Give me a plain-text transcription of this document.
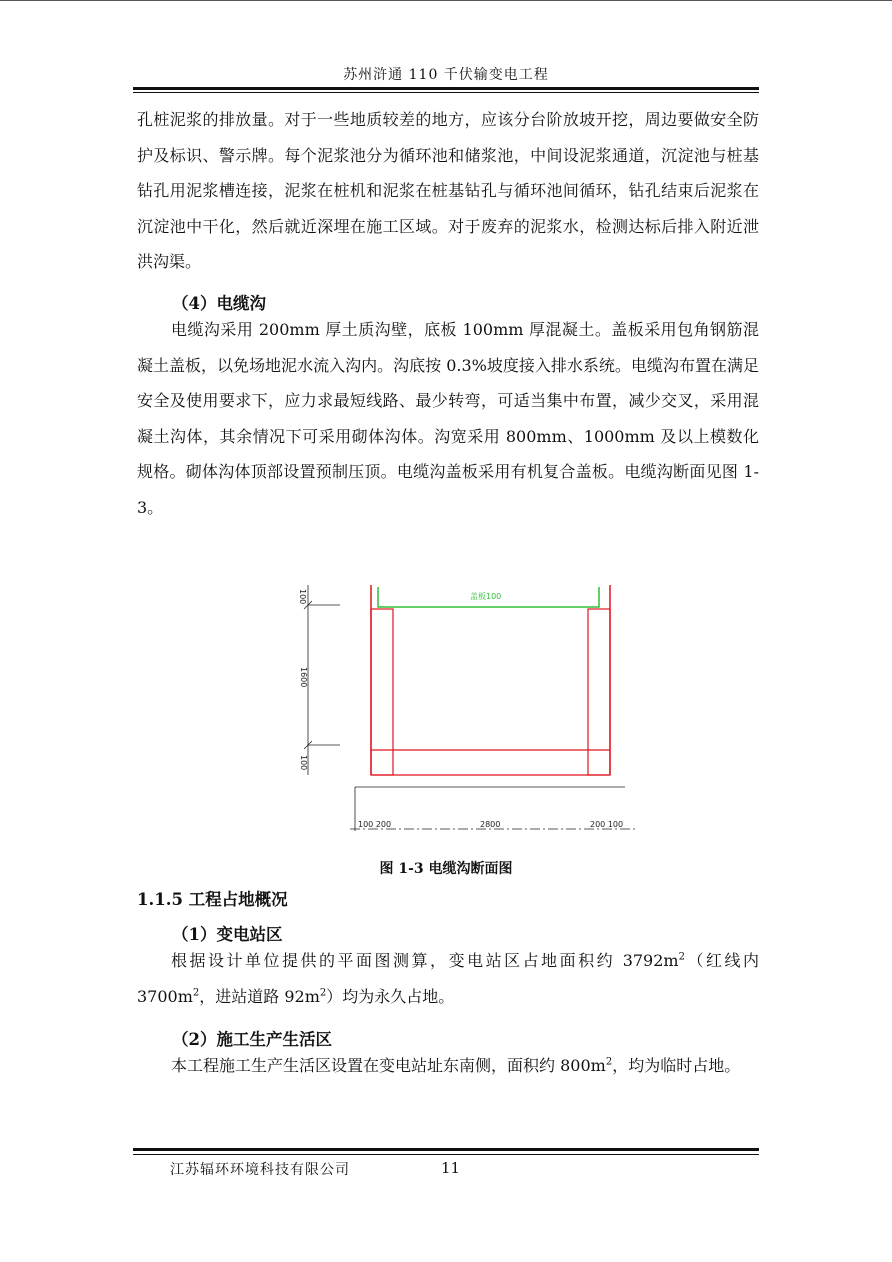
苏州浒通 110 千伏输变电工程

孔桩泥浆的排放量。对于一些地质较差的地方，应该分台阶放坡开挖，周边要做安全防护及标识、警示牌。每个泥浆池分为循环池和储浆池，中间设泥浆通道，沉淀池与桩基钻孔用泥浆槽连接，泥浆在桩机和泥浆在桩基钻孔与循环池间循环，钻孔结束后泥浆在沉淀池中干化，然后就近深埋在施工区域。对于废弃的泥浆水，检测达标后排入附近泄洪沟渠。

（4）电缆沟

电缆沟采用 200mm 厚土质沟壁，底板 100mm 厚混凝土。盖板采用包角钢筋混凝土盖板，以免场地泥水流入沟内。沟底按 0.3%坡度接入排水系统。电缆沟布置在满足安全及使用要求下，应力求最短线路、最少转弯，可适当集中布置，减少交叉，采用混凝土沟体，其余情况下可采用砌体沟体。沟宽采用 800mm、1000mm 及以上模数化规格。砌体沟体顶部设置预制压顶。电缆沟盖板采用有机复合盖板。电缆沟断面见图 1-3。

盖板100
100
1600
100
100 200	2800	200 100

图 1-3 电缆沟断面图

1.1.5 工程占地概况

（1）变电站区

根据设计单位提供的平面图测算，变电站区占地面积约 $3792m^2$（红线内 $3700m^2$，进站道路 $92m^2$）均为永久占地。

（2）施工生产生活区

本工程施工生产生活区设置在变电站址东南侧，面积约 $800m^2$，均为临时占地。

江苏辐环环境科技有限公司	11
